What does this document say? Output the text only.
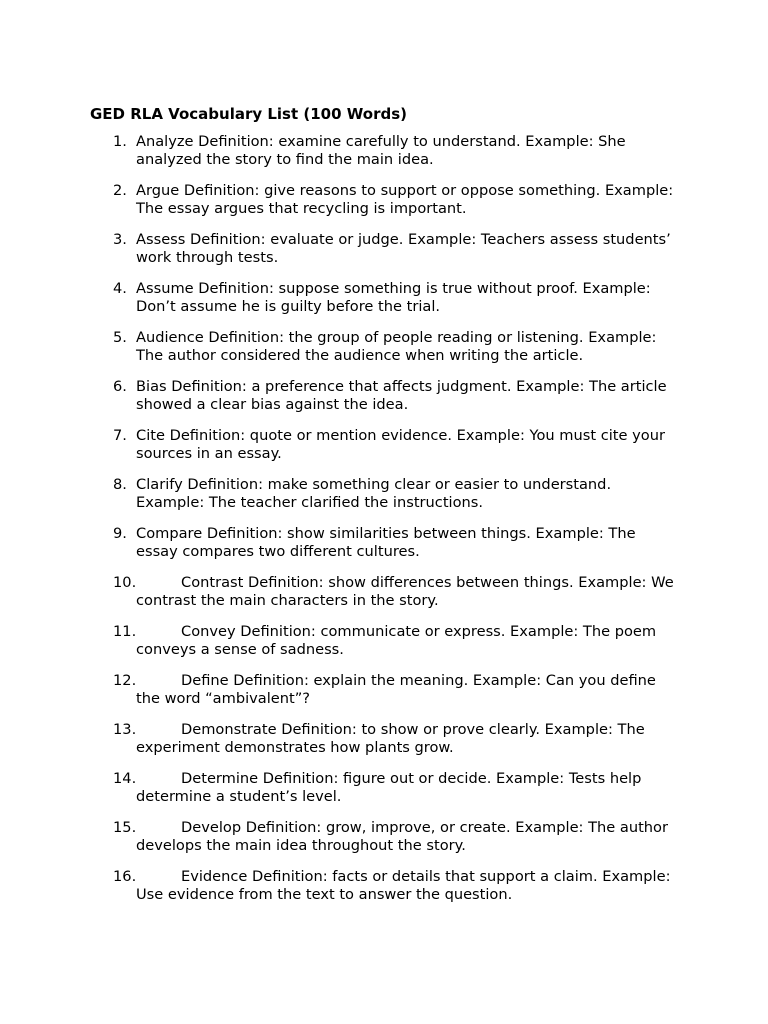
GED RLA Vocabulary List (100 Words)
1. Analyze Definition: examine carefully to understand. Example: She analyzed the story to find the main idea.
2. Argue Definition: give reasons to support or oppose something. Example: The essay argues that recycling is important.
3. Assess Definition: evaluate or judge. Example: Teachers assess students’ work through tests.
4. Assume Definition: suppose something is true without proof. Example: Don’t assume he is guilty before the trial.
5. Audience Definition: the group of people reading or listening. Example: The author considered the audience when writing the article.
6. Bias Definition: a preference that affects judgment. Example: The article showed a clear bias against the idea.
7. Cite Definition: quote or mention evidence. Example: You must cite your sources in an essay.
8. Clarify Definition: make something clear or easier to understand. Example: The teacher clarified the instructions.
9. Compare Definition: show similarities between things. Example: The essay compares two different cultures.
10.	Contrast Definition: show differences between things. Example: We contrast the main characters in the story.
11.	Convey Definition: communicate or express. Example: The poem conveys a sense of sadness.
12.	Define Definition: explain the meaning. Example: Can you define the word “ambivalent”?
13.	Demonstrate Definition: to show or prove clearly. Example: The experiment demonstrates how plants grow.
14.	Determine Definition: figure out or decide. Example: Tests help determine a student’s level.
15.	Develop Definition: grow, improve, or create. Example: The author develops the main idea throughout the story.
16.	Evidence Definition: facts or details that support a claim. Example: Use evidence from the text to answer the question.
